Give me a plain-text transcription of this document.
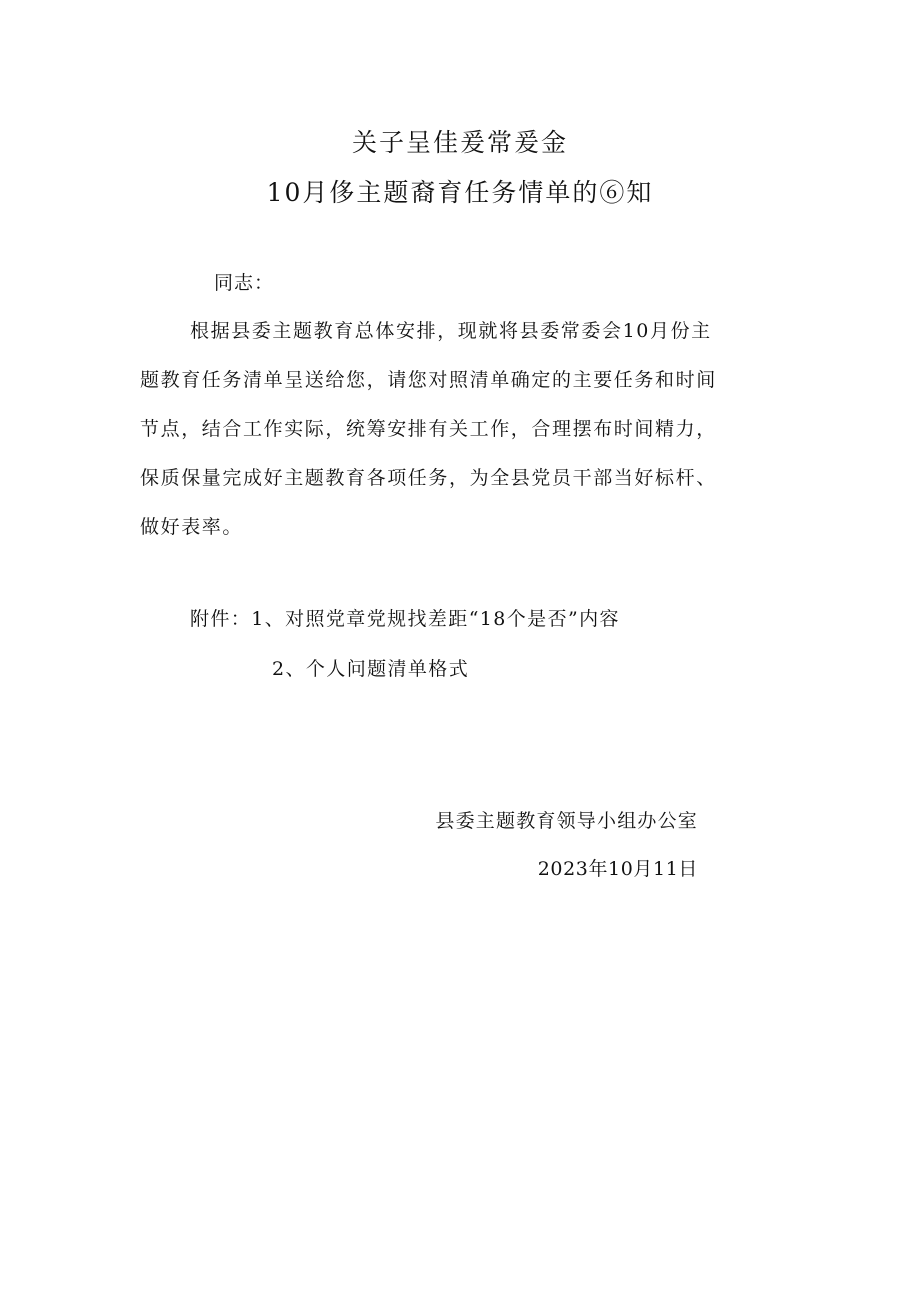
关子呈佳爰常爰金
10月侈主题裔育任务情单的⑥知
同志：
根据县委主题教育总体安排，现就将县委常委会10月份主
题教育任务清单呈送给您，请您对照清单确定的主要任务和时间
节点，结合工作实际，统筹安排有关工作，合理摆布时间精力，
保质保量完成好主题教育各项任务，为全县党员干部当好标杆、
做好表率。
附件：1、对照党章党规找差距“18个是否”内容
2、个人问题清单格式
县委主题教育领导小组办公室
2023年10月11日
